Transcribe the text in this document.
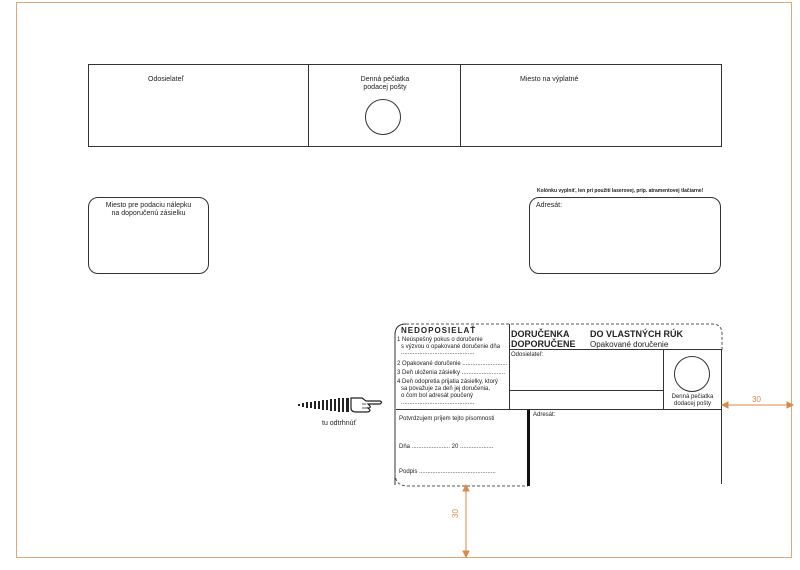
Odosielateľ	Denná pečiatka
podacej pošty
Miesto na výplatné
Miesto pre podaciu nálepku
na doporučenú zásielku
Kolónku vyplniť, len pri použití laserovej, prip. atramentovej tlačiarne!
Adresát:
tu odtrhnúť
NEDOPOSIELAŤ
1 Neúspešný pokus o doručenie
s výzvou o opakované doručenie dňa
............................................
2 Opakované doručenie ...........................
3 Deň uloženia zásielky ..........................
4 Deň odopretia prijatia zásielky, ktorý
sa považuje za deň jej doručenia,
o čom bol adresát poučený
............................................
DORUČENKA
DOPORUČENE
DO VLASTNÝCH RÚK
Opakované doručenie
Odosielateľ:
Denná pečiatka
dodacej pošty
Potvrdzujem príjem tejto písomnosti
Dňa ....................... 20 ....................
Podpis ..............................................
Adresát:
30
30
